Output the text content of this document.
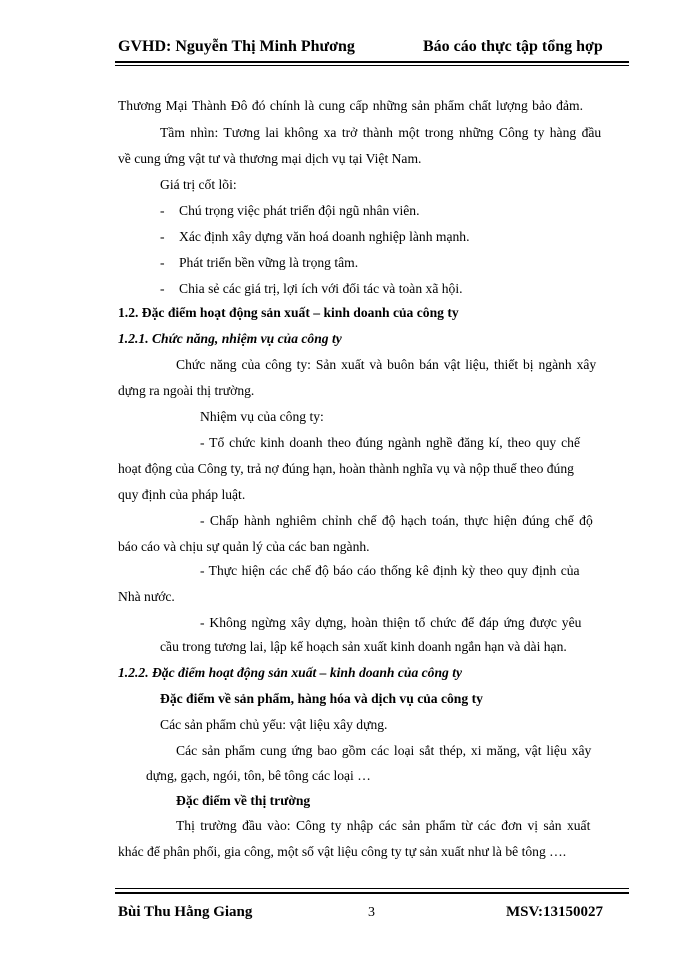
GVHD: Nguyễn Thị Minh Phương	Báo cáo thực tập tổng hợp
Thương Mại Thành Đô đó chính là cung cấp những sản phẩm chất lượng bảo đảm.
Tầm nhìn: Tương lai không xa trở thành một trong những Công ty hàng đầu
về cung ứng vật tư và thương mại dịch vụ tại Việt Nam.
Giá trị cốt lõi:
- Chú trọng việc phát triển đội ngũ nhân viên.
- Xác định xây dựng văn hoá doanh nghiệp lành mạnh.
- Phát triển bền vững là trọng tâm.
- Chia sẻ các giá trị, lợi ích với đối tác và toàn xã hội.
1.2. Đặc điểm hoạt động sản xuất – kinh doanh của công ty
1.2.1. Chức năng, nhiệm vụ của công ty
Chức năng của công ty: Sản xuất và buôn bán vật liệu, thiết bị ngành xây
dựng ra ngoài thị trường.
Nhiệm vụ của công ty:
- Tổ chức kinh doanh theo đúng ngành nghề đăng kí, theo quy chế
hoạt động của Công ty, trả nợ đúng hạn, hoàn thành nghĩa vụ và nộp thuế theo đúng
quy định của pháp luật.
- Chấp hành nghiêm chỉnh chế độ hạch toán, thực hiện đúng chế độ
báo cáo và chịu sự quản lý của các ban ngành.
- Thực hiện các chế độ báo cáo thống kê định kỳ theo quy định của
Nhà nước.
- Không ngừng xây dựng, hoàn thiện tổ chức để đáp ứng được yêu
cầu trong tương lai, lập kế hoạch sản xuất kinh doanh ngắn hạn và dài hạn.
1.2.2. Đặc điểm hoạt động sản xuất – kinh doanh của công ty
Đặc điểm về sản phẩm, hàng hóa và dịch vụ của công ty
Các sản phẩm chủ yếu: vật liệu xây dựng.
Các sản phẩm cung ứng bao gồm các loại sắt thép, xi măng, vật liệu xây
dựng, gạch, ngói, tôn, bê tông các loại …
Đặc điểm về thị trường
Thị trường đầu vào: Công ty nhập các sản phẩm từ các đơn vị sản xuất
khác để phân phối, gia công, một số vật liệu công ty tự sản xuất như là bê tông ….
Bùi Thu Hằng Giang	3	MSV:13150027
